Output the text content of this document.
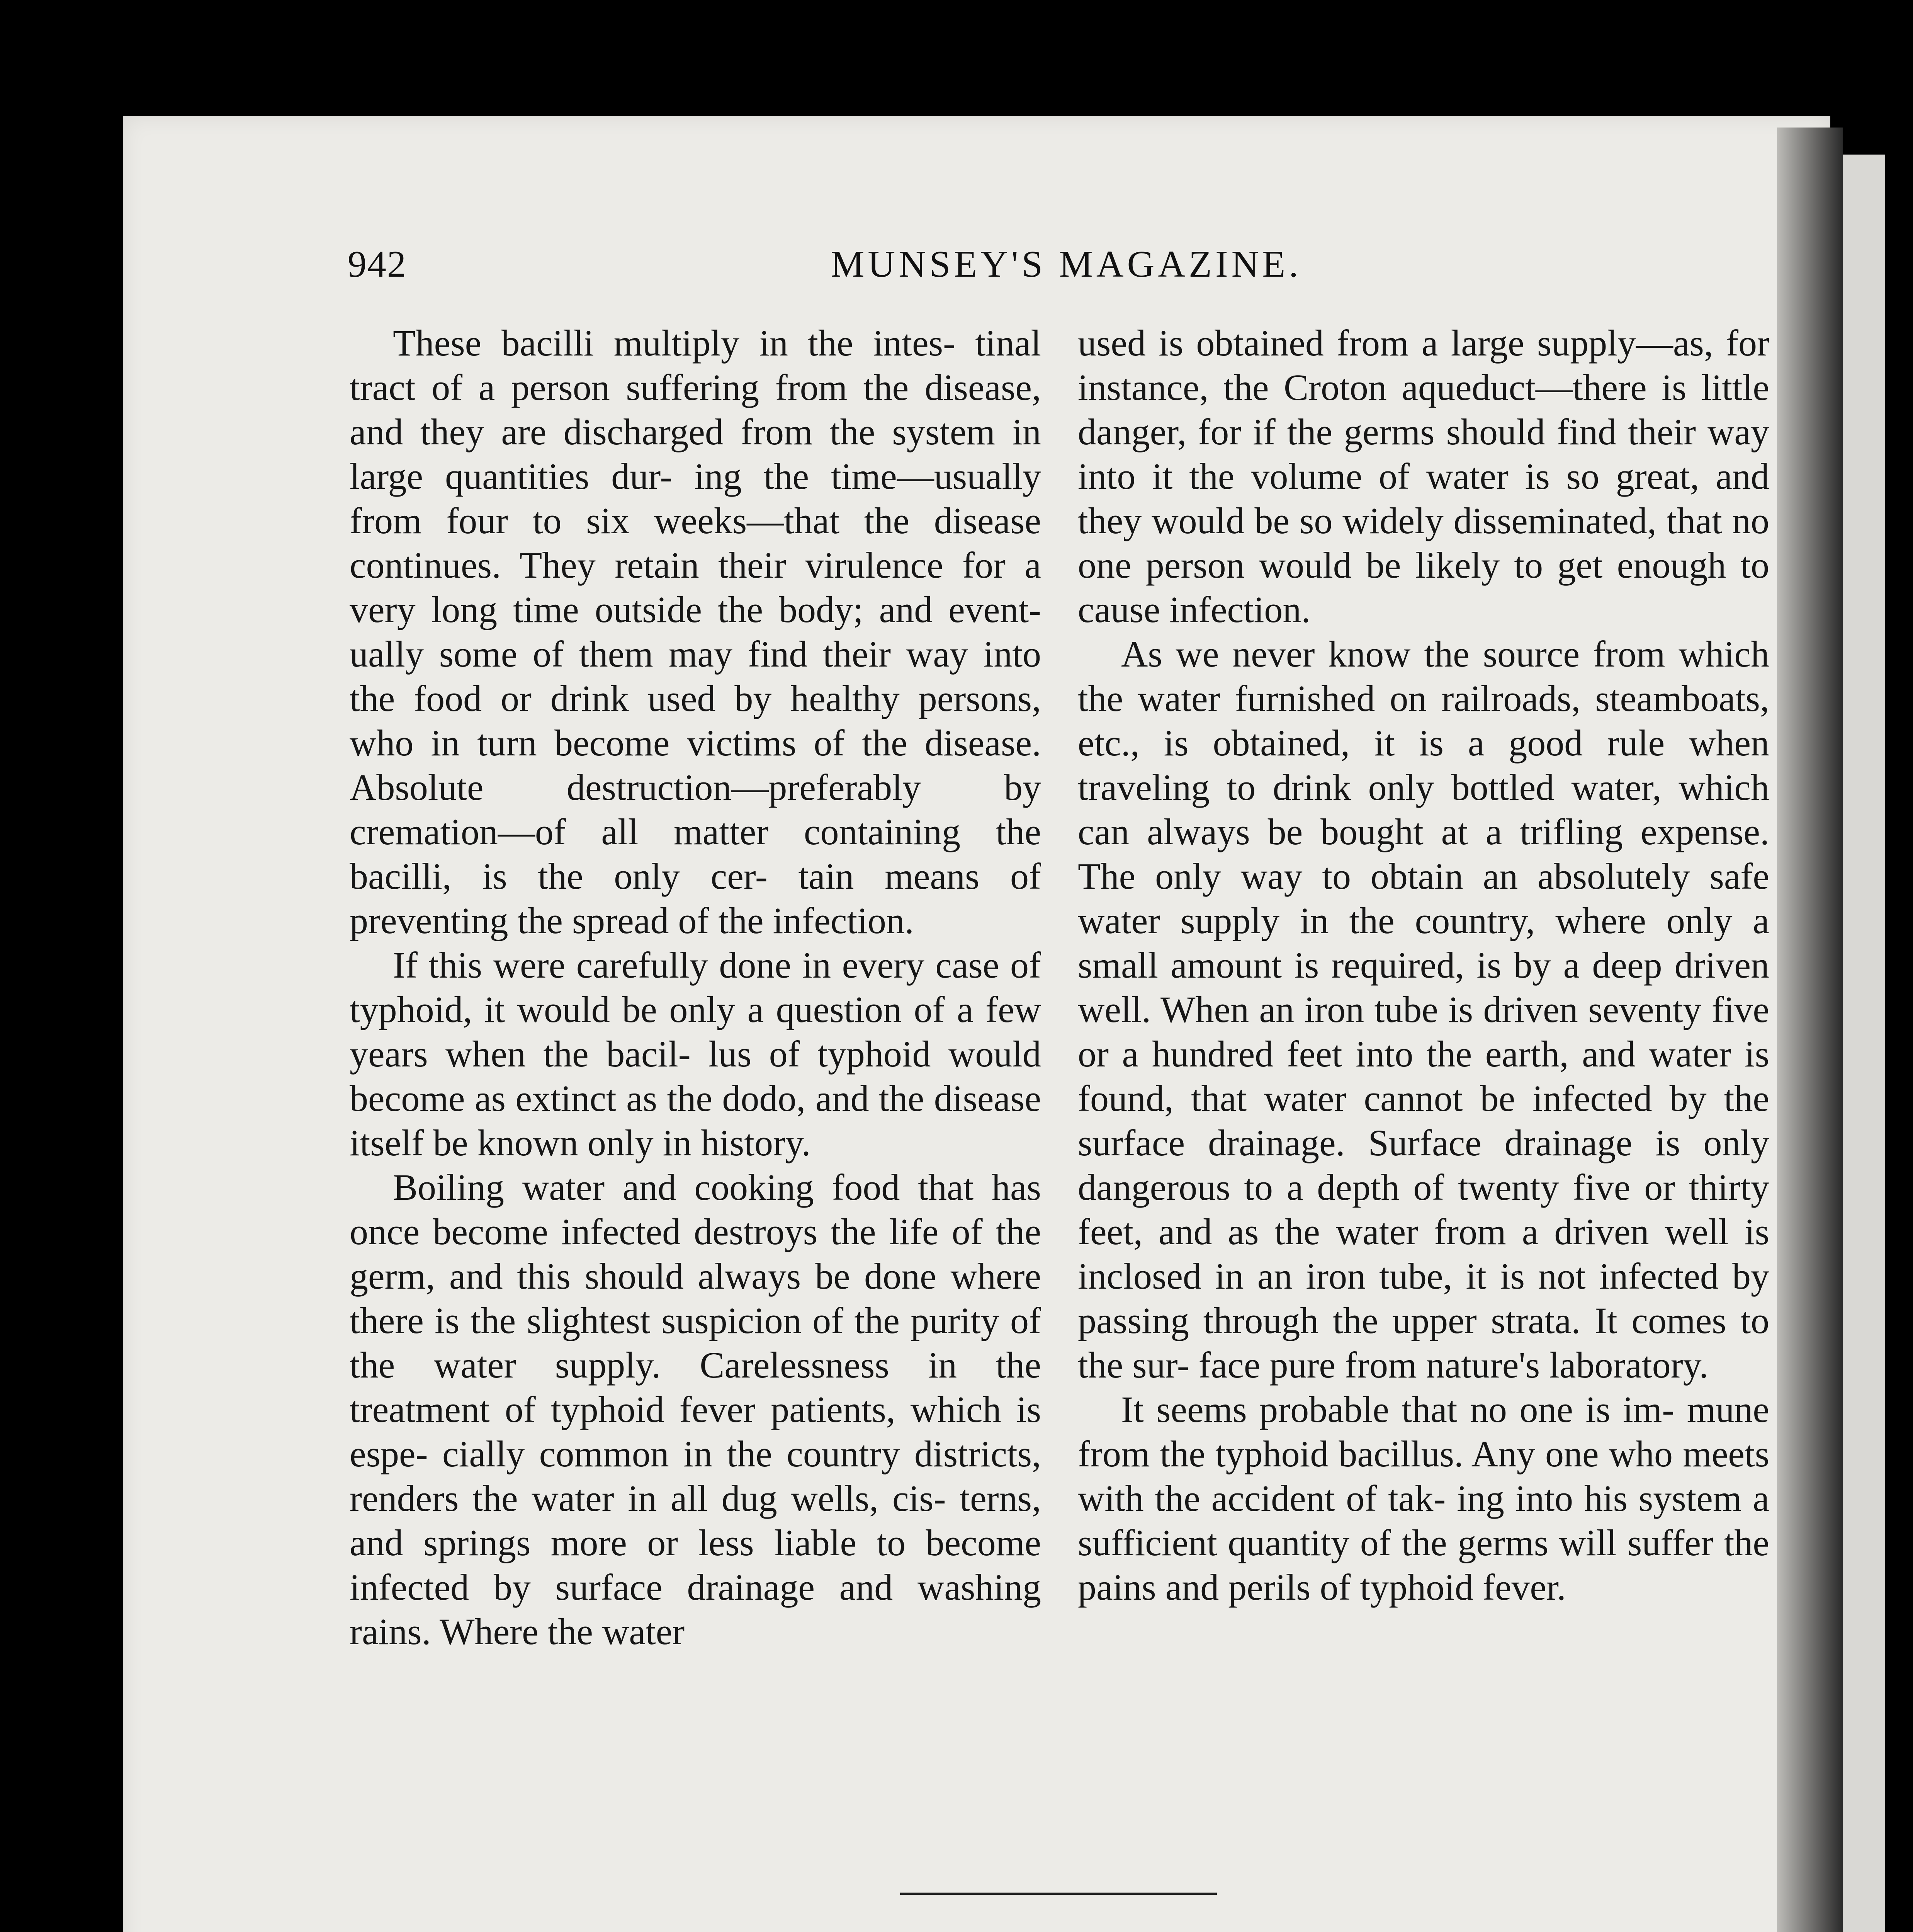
942	MUNSEY'S MAGAZINE.

These bacilli multiply in the intes- tinal tract of a person suffering from the disease, and they are discharged from the system in large quantities dur- ing the time—usually from four to six weeks—that the disease continues. They retain their virulence for a very long time outside the body; and event- ually some of them may find their way into the food or drink used by healthy persons, who in turn become victims of the disease. Absolute destruction—preferably by cremation—of all matter containing the bacilli, is the only cer- tain means of preventing the spread of the infection.

If this were carefully done in every case of typhoid, it would be only a question of a few years when the bacil- lus of typhoid would become as extinct as the dodo, and the disease itself be known only in history.

Boiling water and cooking food that has once become infected destroys the life of the germ, and this should always be done where there is the slightest suspicion of the purity of the water supply. Carelessness in the treatment of typhoid fever patients, which is espe- cially common in the country districts, renders the water in all dug wells, cis- terns, and springs more or less liable to become infected by surface drainage and washing rains. Where the water

used is obtained from a large supply—as, for instance, the Croton aqueduct—there is little danger, for if the germs should find their way into it the volume of water is so great, and they would be so widely disseminated, that no one person would be likely to get enough to cause infection.

As we never know the source from which the water furnished on railroads, steamboats, etc., is obtained, it is a good rule when traveling to drink only bottled water, which can always be bought at a trifling expense. The only way to obtain an absolutely safe water supply in the country, where only a small amount is required, is by a deep driven well. When an iron tube is driven seventy five or a hundred feet into the earth, and water is found, that water cannot be infected by the surface drainage. Surface drainage is only dangerous to a depth of twenty five or thirty feet, and as the water from a driven well is inclosed in an iron tube, it is not infected by passing through the upper strata. It comes to the sur- face pure from nature's laboratory.

It seems probable that no one is im- mune from the typhoid bacillus. Any one who meets with the accident of tak- ing into his system a sufficient quantity of the germs will suffer the pains and perils of typhoid fever.
